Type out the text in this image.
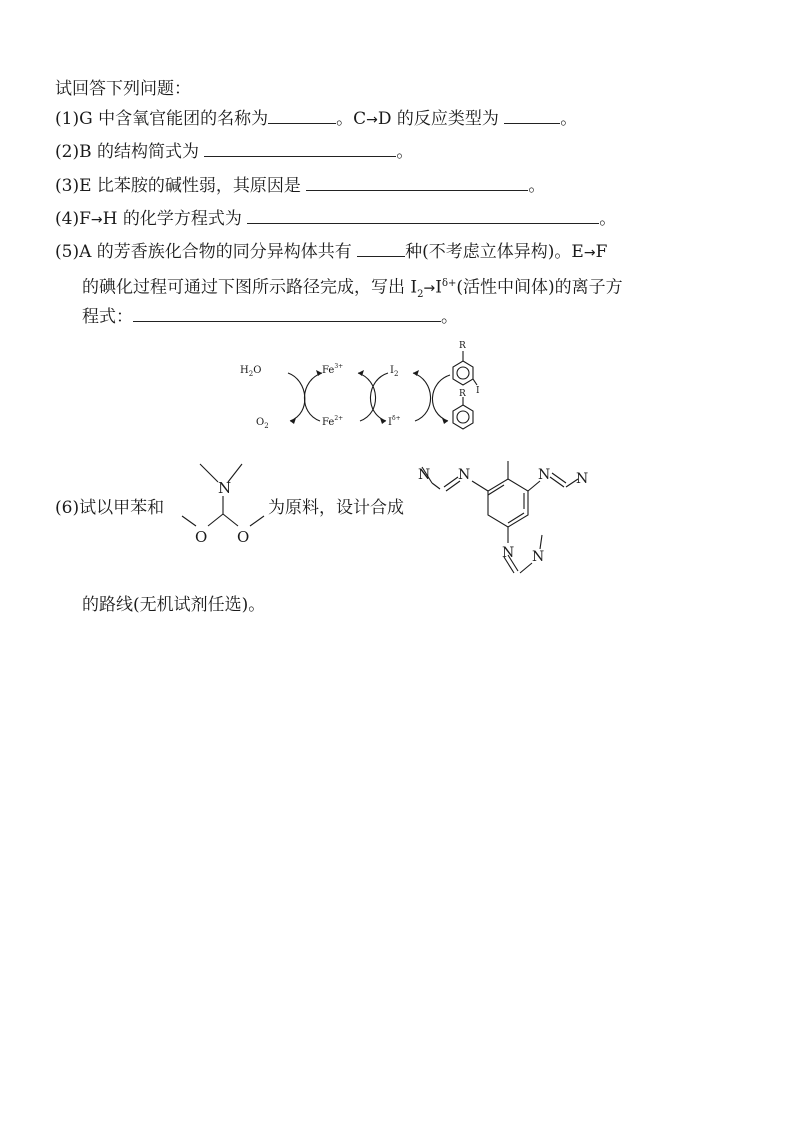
试回答下列问题：
(1)G 中含氧官能团的名称为	。C→D 的反应类型为	。
(2)B 的结构简式为	。
(3)E 比苯胺的碱性弱，其原因是	。
(4)F→H 的化学方程式为	。
(5)A 的芳香族化合物的同分异构体共有	种(不考虑立体异构)。E→F
的碘化过程可通过下图所示路径完成，写出 $I_2\to I^{\delta+}$(活性中间体)的离子方
程式：	。
$H_2O$
$O_2$
$Fe^{3+}$
$Fe^{2+}$
$I_2$
$I^{\delta+}$
R
I
R
(6)试以甲苯和	为原料，设计合成
的路线(无机试剂任选)。
N
O O
N N	N N
N N
